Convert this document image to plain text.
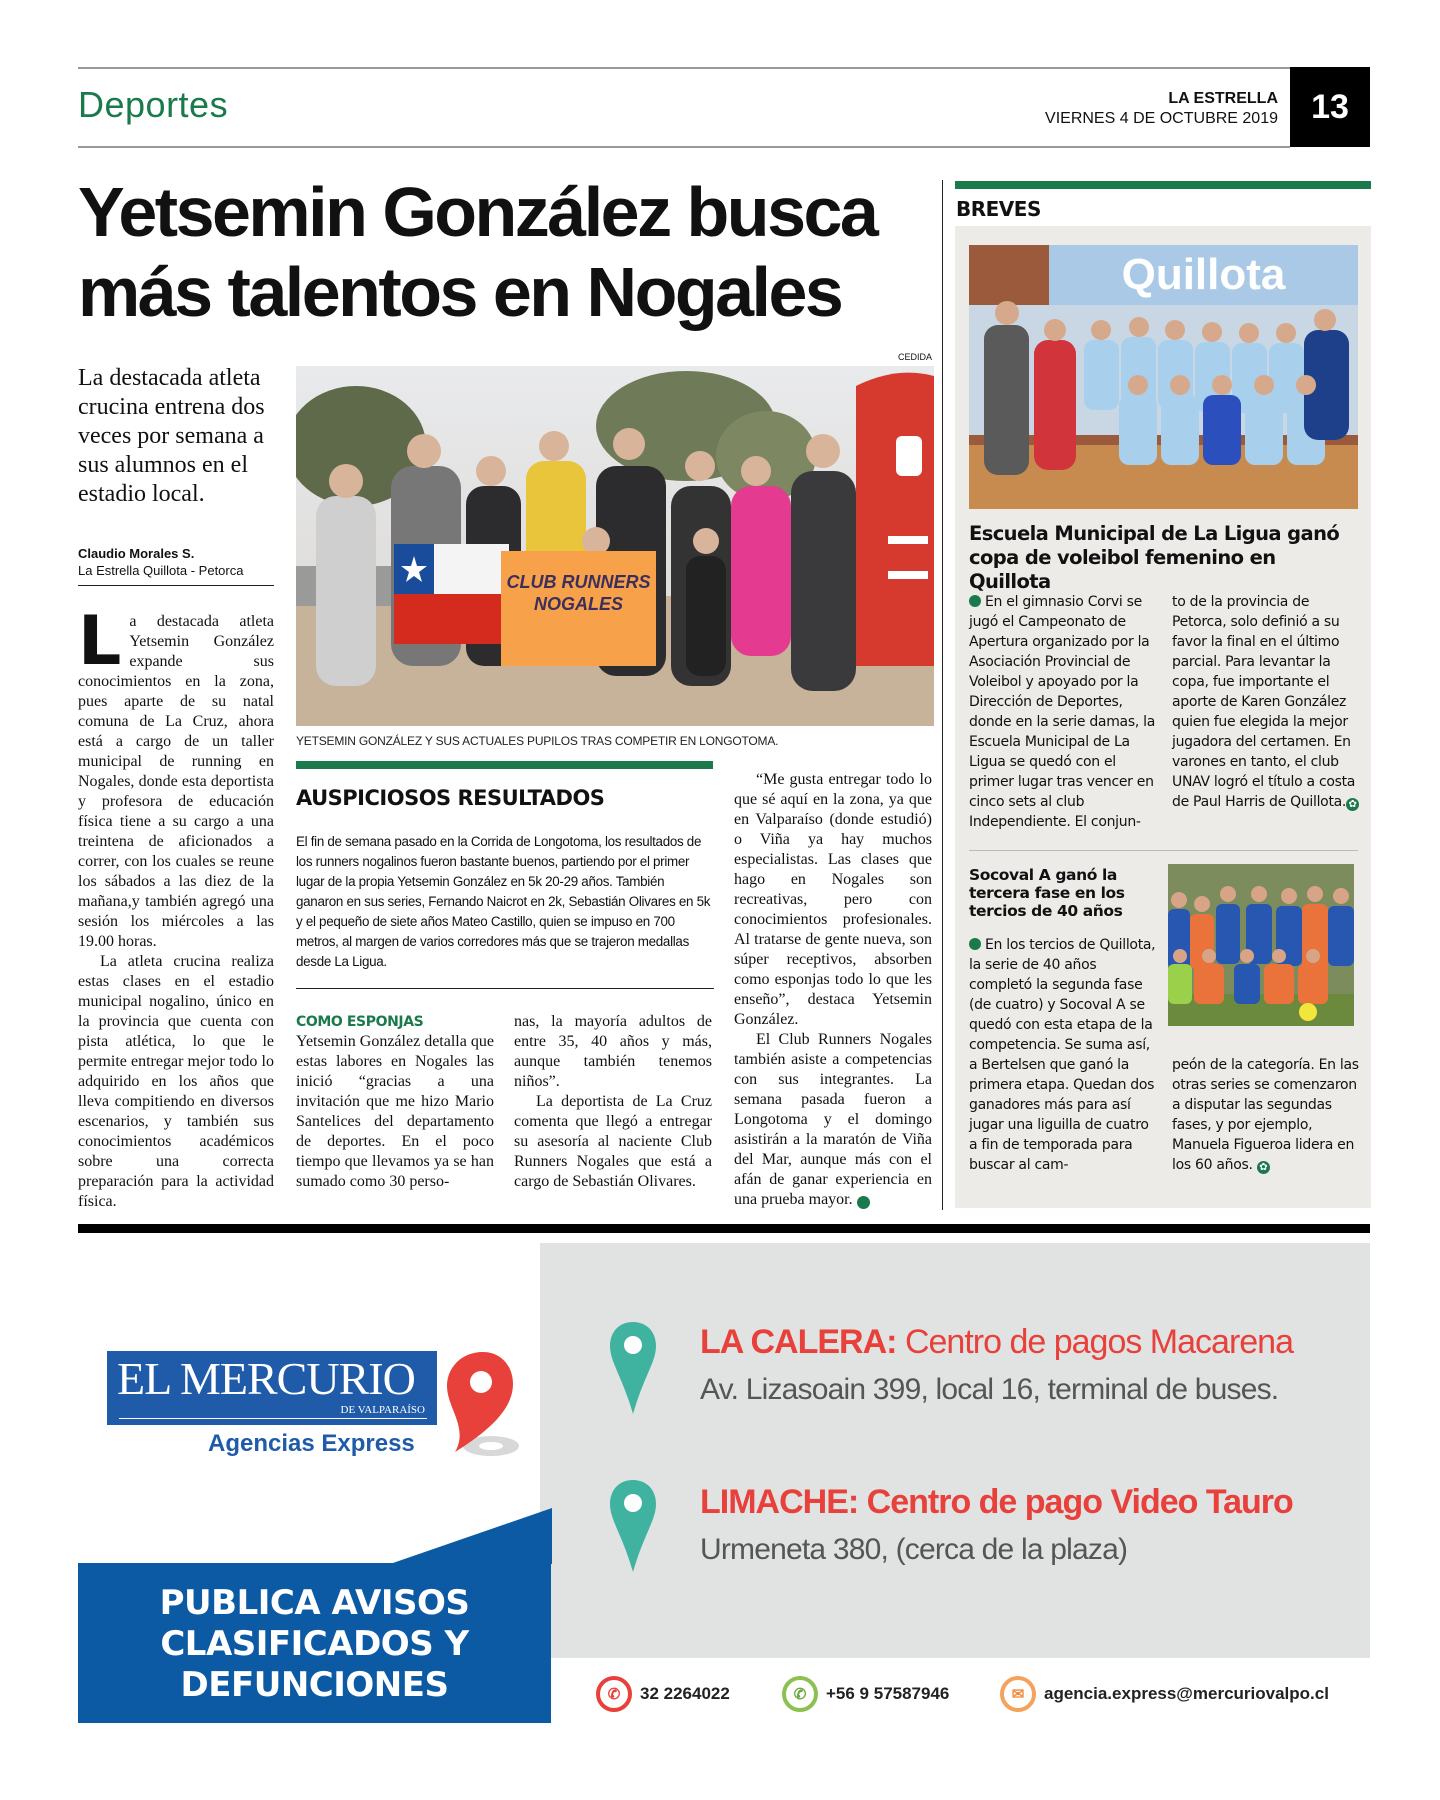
Deportes	LA ESTRELLA
VIERNES 4 DE OCTUBRE 2019 13
Yetsemin González busca
más talentos en Nogales
La destacada atleta crucina entrena dos veces por semana a sus alumnos en el estadio local.
Claudio Morales S.
La Estrella Quillota - Petorca

La destacada atleta Yetsemin González expande sus conocimientos en la zona, pues aparte de su natal comuna de La Cruz, ahora está a cargo de un taller municipal de running en Nogales, donde esta deportista y profesora de educación física tiene a su cargo a una treintena de aficionados a correr, con los cuales se reune los sábados a las diez de la mañana,y también agregó una sesión los miércoles a las 19.00 horas.

La atleta crucina realiza estas clases en el estadio municipal nogalino, único en la provincia que cuenta con pista atlética, lo que le permite entregar mejor todo lo adquirido en los años que lleva compitiendo en diversos escenarios, y también sus conocimientos académicos sobre una correcta preparación para la actividad física.

CEDIDA
CLUB RUNNERS NOGALES
YETSEMIN GONZÁLEZ Y SUS ACTUALES PUPILOS TRAS COMPETIR EN LONGOTOMA.
AUSPICIOSOS RESULTADOS
El fin de semana pasado en la Corrida de Longotoma, los resultados de los runners nogalinos fueron bastante buenos, partiendo por el primer lugar de la propia Yetsemin González en 5k 20-29 años. También ganaron en sus series, Fernando Naicrot en 2k, Sebastián Olivares en 5k y el pequeño de siete años Mateo Castillo, quien se impuso en 700 metros, al margen de varios corredores más que se trajeron medallas desde La Ligua.
COMO ESPONJAS

Yetsemin González detalla que estas labores en Nogales las inició “gracias a una invitación que me hizo Mario Santelices del departamento de deportes. En el poco tiempo que llevamos ya se han sumado como 30 perso-

nas, la mayoría adultos de entre 35, 40 años y más, aunque también tenemos niños”.

La deportista de La Cruz comenta que llegó a entregar su asesoría al naciente Club Runners Nogales que está a cargo de Sebastián Olivares.

“Me gusta entregar todo lo que sé aquí en la zona, ya que en Valparaíso (donde estudió) o Viña ya hay muchos especialistas. Las clases que hago en Nogales son recreativas, pero con conocimientos profesionales. Al tratarse de gente nueva, son súper receptivos, absorben como esponjas todo lo que les enseño”, destaca Yetsemin González.

El Club Runners Nogales también asiste a competencias con sus integrantes. La semana pasada fueron a Longotoma y el domingo asistirán a la maratón de Viña del Mar, aunque más con el afán de ganar experiencia en una prueba mayor.	✿

BREVES
Quillota
Escuela Municipal de La Ligua ganó copa de voleibol femenino en Quillota
En el gimnasio Corvi se jugó el Campeonato de Apertura organizado por la Asociación Provincial de Voleibol y apoyado por la Dirección de Deportes, donde en la serie damas, la Escuela Municipal de La Ligua se quedó con el primer lugar tras vencer en cinco sets al club Independiente. El conjun-
to de la provincia de Petorca, solo definió a su favor la final en el último parcial. Para levantar la copa, fue importante el aporte de Karen González quien fue elegida la mejor jugadora del certamen. En varones en tanto, el club UNAV logró el título a costa de Paul Harris de Quillota. ✿
Socoval A ganó la tercera fase en los tercios de 40 años
En los tercios de Quillota, la serie de 40 años completó la segunda fase (de cuatro) y Socoval A se quedó con esta etapa de la competencia. Se suma así, a Bertelsen que ganó la primera etapa. Quedan dos ganadores más para así jugar una liguilla de cuatro a fin de temporada para buscar al cam-
peón de la categoría. En las otras series se comenzaron a disputar las segundas fases, y por ejemplo, Manuela Figueroa lidera en los 60 años. ✿
EL MERCURIO
DE VALPARAÍSO
Agencias Express
PUBLICA AVISOS CLASIFICADOS Y DEFUNCIONES
LA CALERA: Centro de pagos Macarena
Av. Lizasoain 399, local 16, terminal de buses.
LIMACHE: Centro de pago Video Tauro
Urmeneta 380, (cerca de la plaza)
✆	32 2264022	✆	+56 9 57587946	✉	agencia.express@mercuriovalpo.cl
